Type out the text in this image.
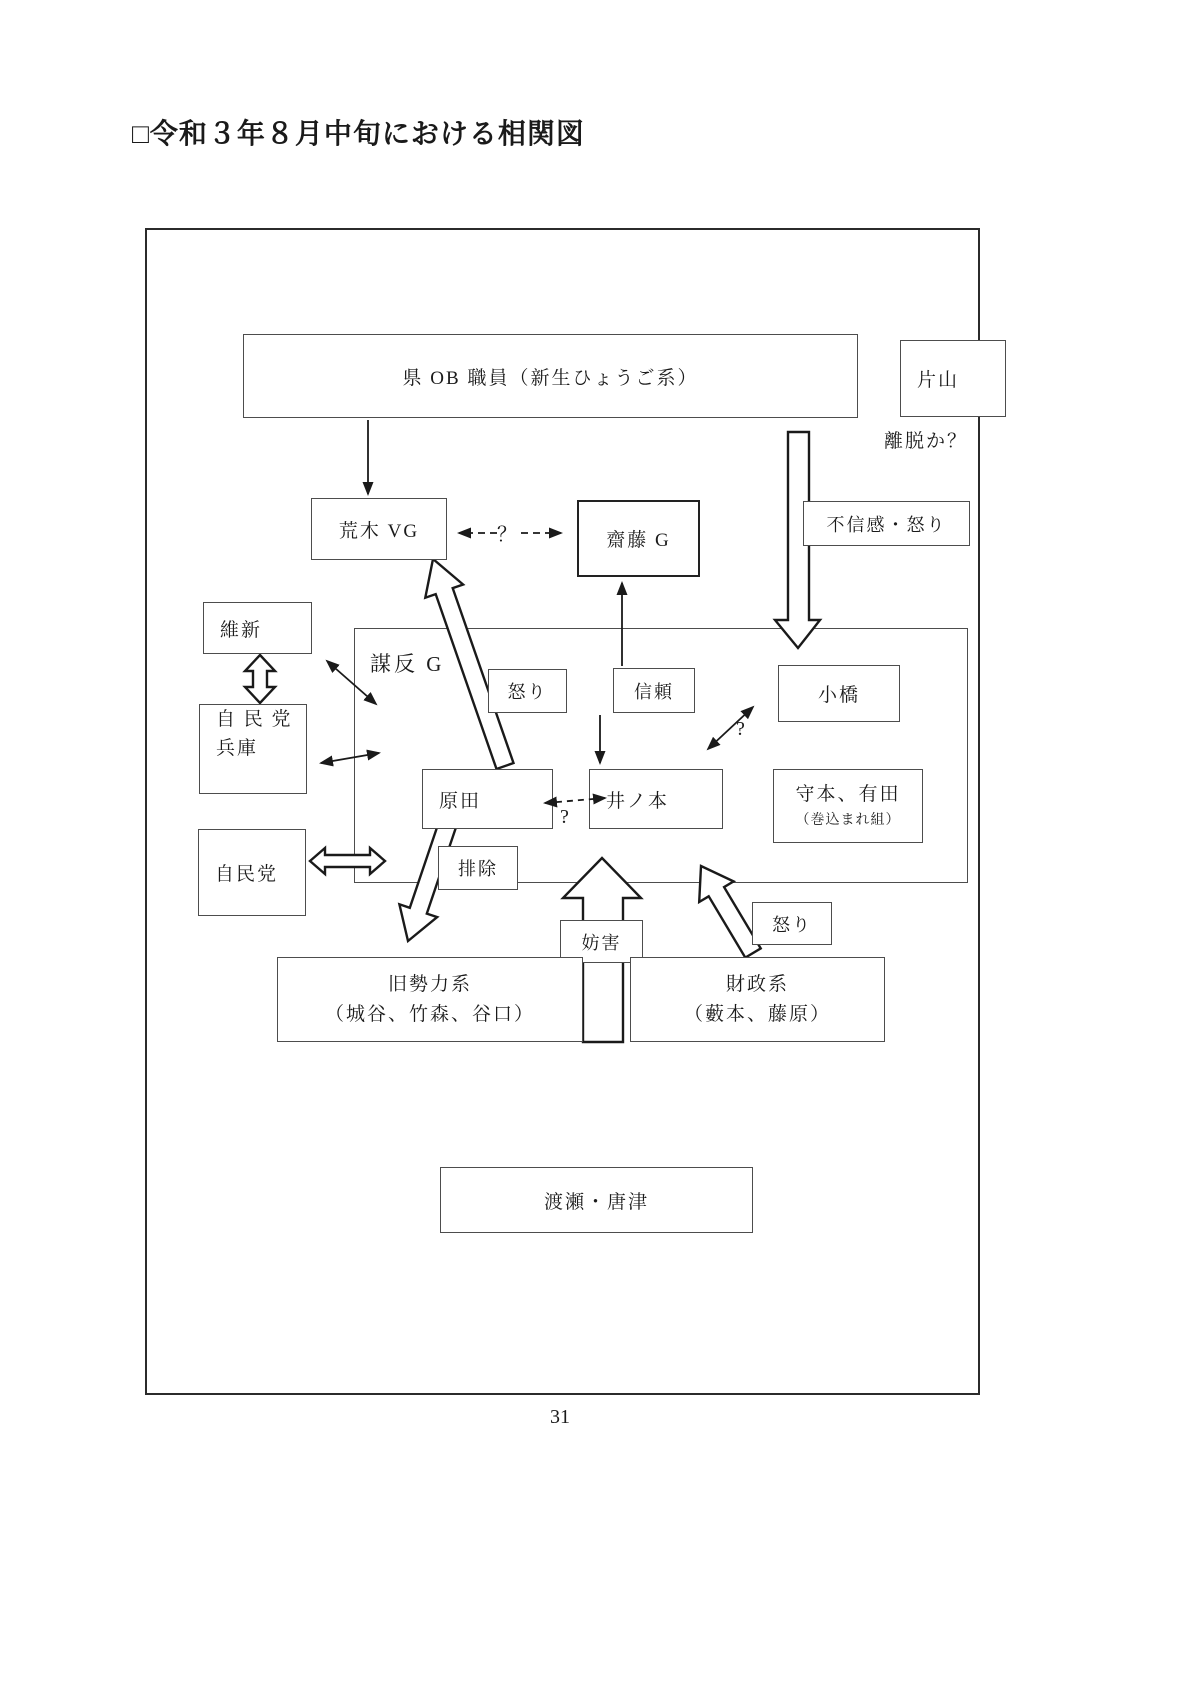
□令和３年８月中旬における相関図
県 OB 職員（新生ひょうご系）	片山
離脱か？
荒木 VG	齋藤 G
不信感・怒り
謀反 G
維新
自 民 党
兵庫
自民党
怒り	信頼	小橋
原田	井ノ本	守本、有田
（巻込まれ組）
排除
妨害
怒り
旧勢力系
（城谷、竹森、谷口）
財政系
（藪本、藤原）
渡瀬・唐津
？
?
?
31
